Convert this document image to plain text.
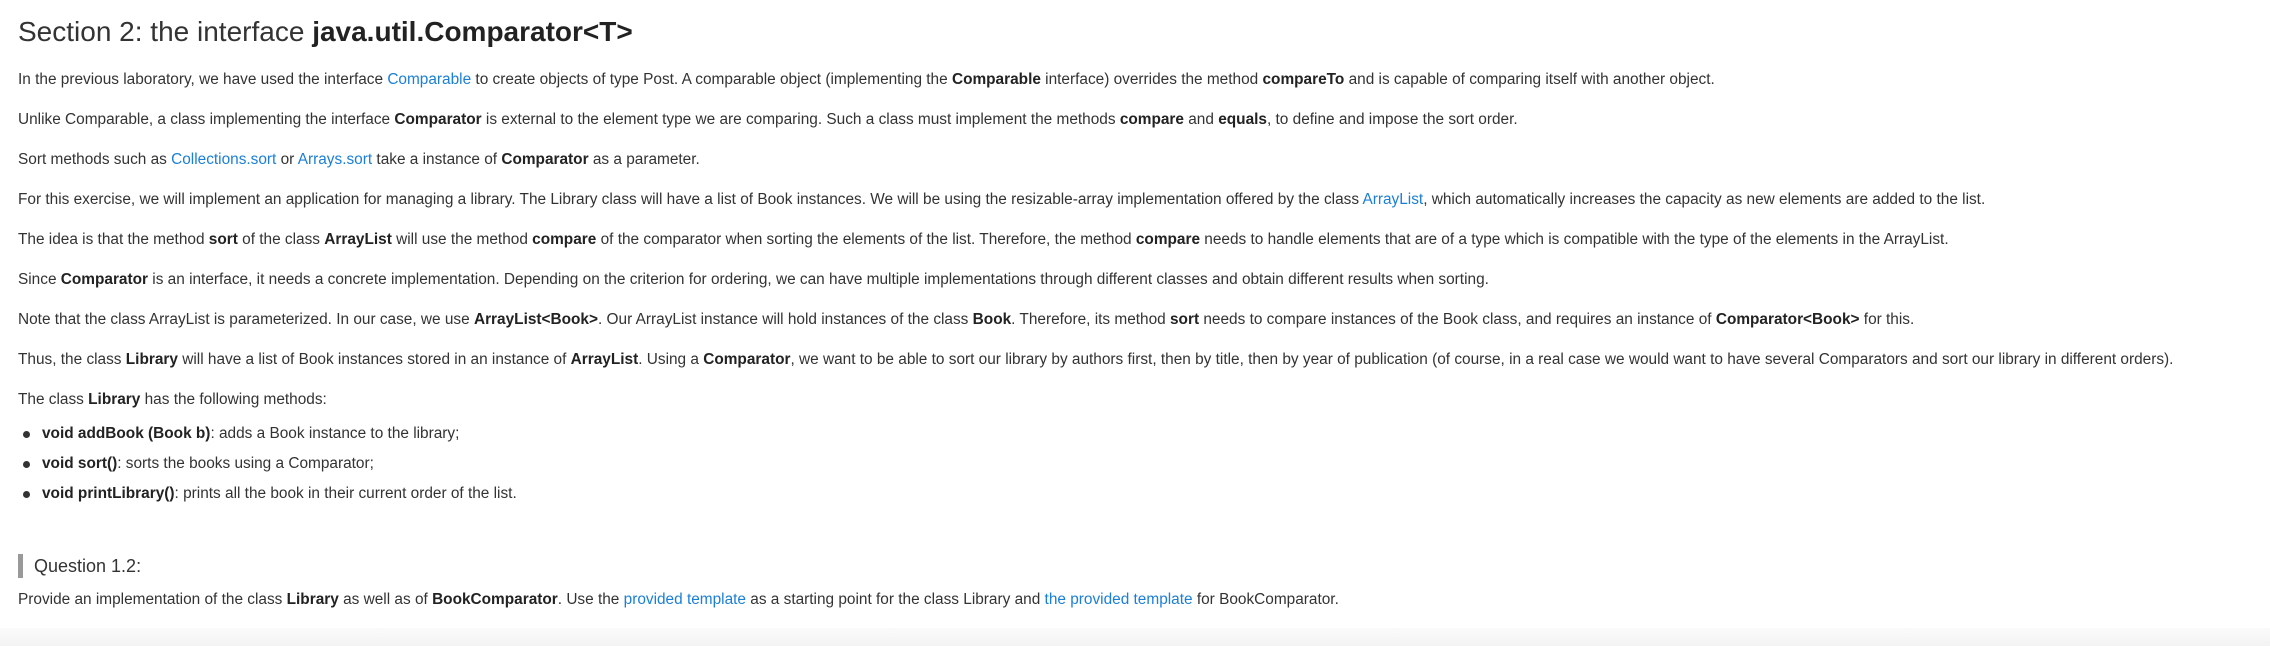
Section 2: the interface java.util.Comparator<T>

In the previous laboratory, we have used the interface Comparable to create objects of type Post. A comparable object (implementing the Comparable interface) overrides the method compareTo and is capable of comparing itself with another object.

Unlike Comparable, a class implementing the interface Comparator is external to the element type we are comparing. Such a class must implement the methods compare and equals, to define and impose the sort order.

Sort methods such as Collections.sort or Arrays.sort take a instance of Comparator as a parameter.

For this exercise, we will implement an application for managing a library. The Library class will have a list of Book instances. We will be using the resizable-array implementation offered by the class ArrayList, which automatically increases the capacity as new elements are added to the list.

The idea is that the method sort of the class ArrayList will use the method compare of the comparator when sorting the elements of the list. Therefore, the method compare needs to handle elements that are of a type which is compatible with the type of the elements in the ArrayList.

Since Comparator is an interface, it needs a concrete implementation. Depending on the criterion for ordering, we can have multiple implementations through different classes and obtain different results when sorting.

Note that the class ArrayList is parameterized. In our case, we use ArrayList<Book>. Our ArrayList instance will hold instances of the class Book. Therefore, its method sort needs to compare instances of the Book class, and requires an instance of Comparator<Book> for this.

Thus, the class Library will have a list of Book instances stored in an instance of ArrayList. Using a Comparator, we want to be able to sort our library by authors first, then by title, then by year of publication (of course, in a real case we would want to have several Comparators and sort our library in different orders).

The class Library has the following methods:

void addBook (Book b): adds a Book instance to the library;
void sort(): sorts the books using a Comparator;
void printLibrary(): prints all the book in their current order of the list.
Question 1.2:

Provide an implementation of the class Library as well as of BookComparator. Use the provided template as a starting point for the class Library and the provided template for BookComparator.
